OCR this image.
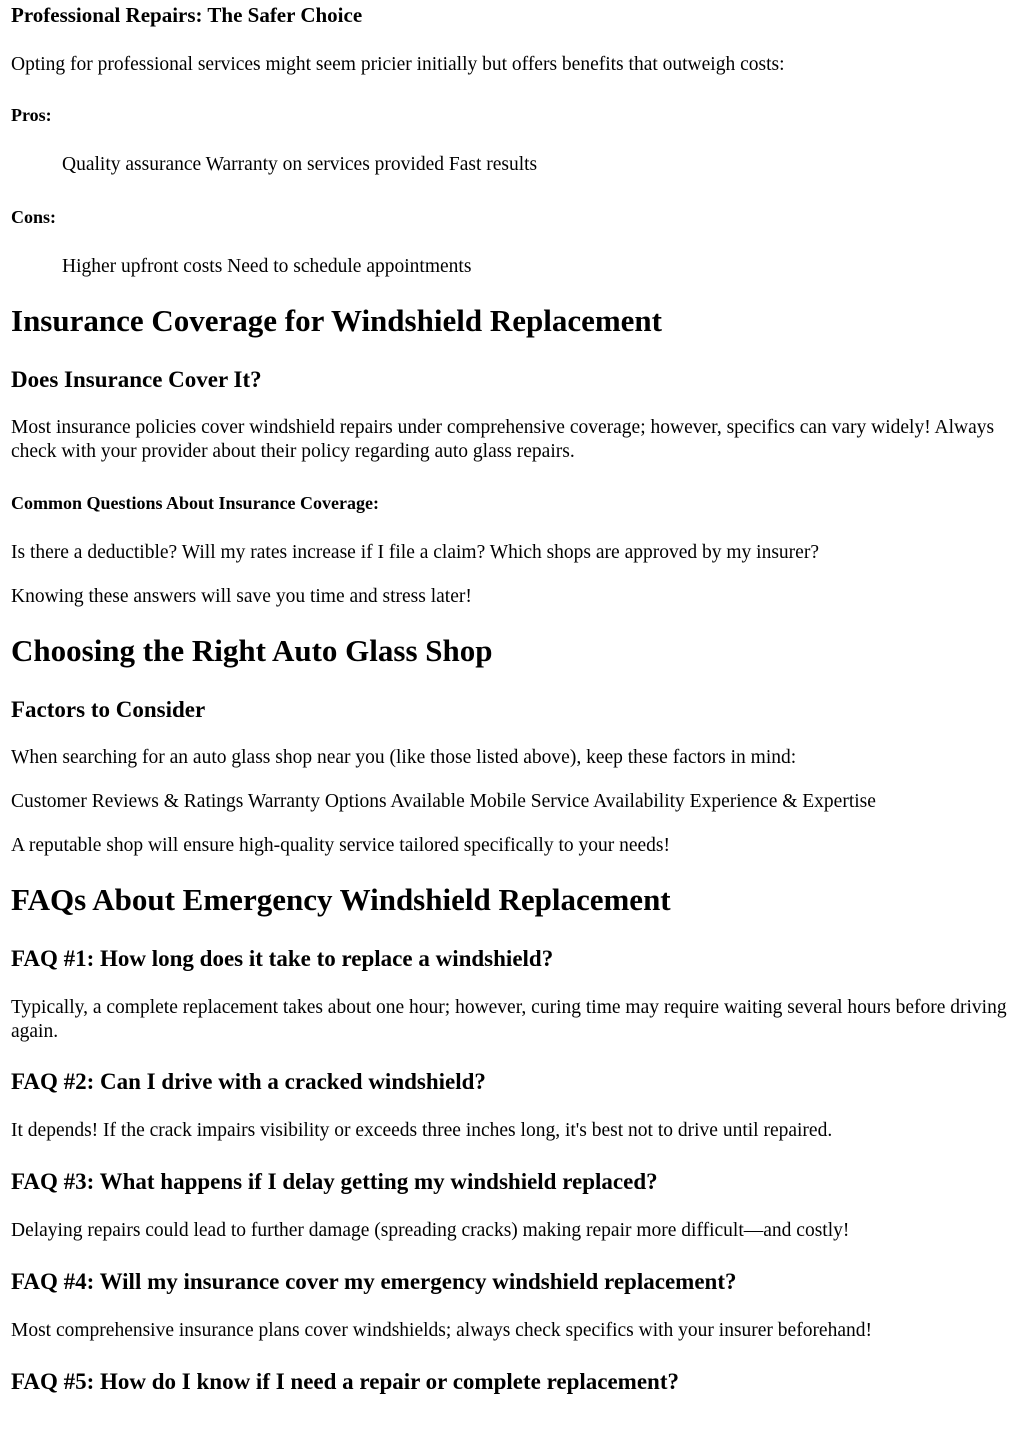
Professional Repairs: The Safer Choice

Opting for professional services might seem pricier initially but offers benefits that outweigh costs:

Pros:
Quality assurance Warranty on services provided Fast results
Cons:
Higher upfront costs Need to schedule appointments
Insurance Coverage for Windshield Replacement
Does Insurance Cover It?

Most insurance policies cover windshield repairs under comprehensive coverage; however, specifics can vary widely! Always check with your provider about their policy regarding auto glass repairs.

Common Questions About Insurance Coverage:

Is there a deductible? Will my rates increase if I file a claim? Which shops are approved by my insurer?

Knowing these answers will save you time and stress later!

Choosing the Right Auto Glass Shop
Factors to Consider

When searching for an auto glass shop near you (like those listed above), keep these factors in mind:

Customer Reviews & Ratings Warranty Options Available Mobile Service Availability Experience & Expertise

A reputable shop will ensure high-quality service tailored specifically to your needs!

FAQs About Emergency Windshield Replacement
FAQ #1: How long does it take to replace a windshield?

Typically, a complete replacement takes about one hour; however, curing time may require waiting several hours before driving again.

FAQ #2: Can I drive with a cracked windshield?

It depends! If the crack impairs visibility or exceeds three inches long, it's best not to drive until repaired.

FAQ #3: What happens if I delay getting my windshield replaced?

Delaying repairs could lead to further damage (spreading cracks) making repair more difficult—and costly!

FAQ #4: Will my insurance cover my emergency windshield replacement?

Most comprehensive insurance plans cover windshields; always check specifics with your insurer beforehand!

FAQ #5: How do I know if I need a repair or complete replacement?
